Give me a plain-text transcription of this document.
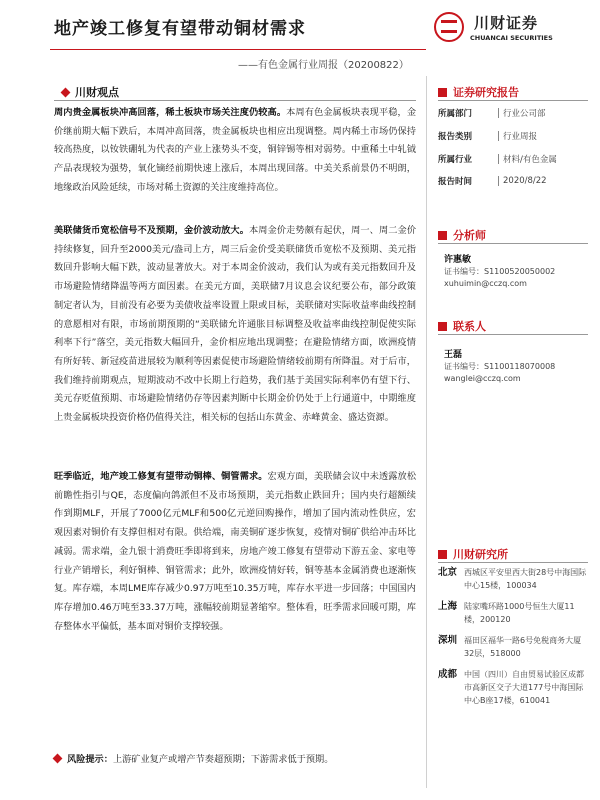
地产竣工修复有望带动铜材需求
——有色金属行业周报（20200822）
川财证券
CHUANCAI SECURITIES
川财观点
周内贵金属板块冲高回落，稀土板块市场关注度仍较高。本周有色金属板块表现平稳，金价继前期大幅下跌后，本周冲高回落，贵金属板块也相应出现调整。周内稀土市场仍保持较高热度，以钕铁硼轧为代表的产业上涨势头不变，铜锌锡等相对弱势。中重稀土中轧钺产品表现较为强势，氧化镝经前期快速上涨后，本周出现回落。中美关系前景仍不明朗，地缘政治风险延续，市场对稀土资源的关注度维持高位。
美联储货币宽松信号不及预期，金价波动放大。本周金价走势颇有起伏，周一、周二金价持续修复，回升至2000美元/盎司上方，周三后金价受美联储货币宽松不及预期、美元指数回升影响大幅下跌，波动显著放大。对于本周金价波动，我们认为或有美元指数回升及市场避险情绪降温等两方面因素。在美元方面，美联储7月议息会议纪要公布，部分政策制定者认为，目前没有必要为美债收益率设置上限或目标，美联储对实际收益率曲线控制的意愿相对有限，市场前期预期的“美联储允许通胀目标调整及收益率曲线控制促使实际利率下行”落空，美元指数大幅回升，金价相应地出现调整；在避险情绪方面，欧洲疫情有所好转、新冠疫苗进展较为顺利等因素促使市场避险情绪较前期有所降温。对于后市，我们维持前期观点，短期波动不改中长期上行趋势，我们基于美国实际利率仍有望下行、美元存贬值预期、市场避险情绪仍存等因素判断中长期金价仍处于上行通道中，中期维度上贵金属板块投资价格仍值得关注，相关标的包括山东黄金、赤峰黄金、盛达资源。
旺季临近，地产竣工修复有望带动铜棒、铜管需求。宏观方面，美联储会议中未透露放松前瞻性指引与QE，态度偏向鸽派但不及市场预期，美元指数止跌回升；国内央行超额续作到期MLF，开展了7000亿元MLF和500亿元逆回购操作，增加了国内流动性供应，宏观因素对铜价有支撑但相对有限。供给端，南美铜矿逐步恢复，疫情对铜矿供给冲击环比减弱。需求端，金九银十消费旺季即将到来，房地产竣工修复有望带动下游五金、家电等行业产销增长，利好铜棒、铜管需求；此外，欧洲疫情好转，铜等基本金属消费也逐渐恢复。库存端，本周LME库存减少0.97万吨至10.35万吨，库存水平进一步回落；中国国内库存增加0.46万吨至33.37万吨，涨幅较前期显著缩窄。整体看，旺季需求回暖可期，库存整体水平偏低，基本面对铜价支撑较强。
风险提示：上游矿业复产或增产节奏超预期；下游需求低于预期。
证券研究报告
所属部门	行业公司部
报告类别	行业周报
所属行业	材料/有色金属
报告时间	2020/8/22
分析师
许惠敏
证书编号：S1100520050002
xuhuimin@cczq.com
联系人
王磊
证书编号：S1100118070008
wanglei@cczq.com
川财研究所
北京 西城区平安里西大街28号中海国际中心15楼，100034
上海 陆家嘴环路1000号恒生大厦11楼，200120
深圳 福田区福华一路6号免税商务大厦32层，518000
成都 中国（四川）自由贸易试验区成都市高新区交子大道177号中海国际中心B座17楼，610041
